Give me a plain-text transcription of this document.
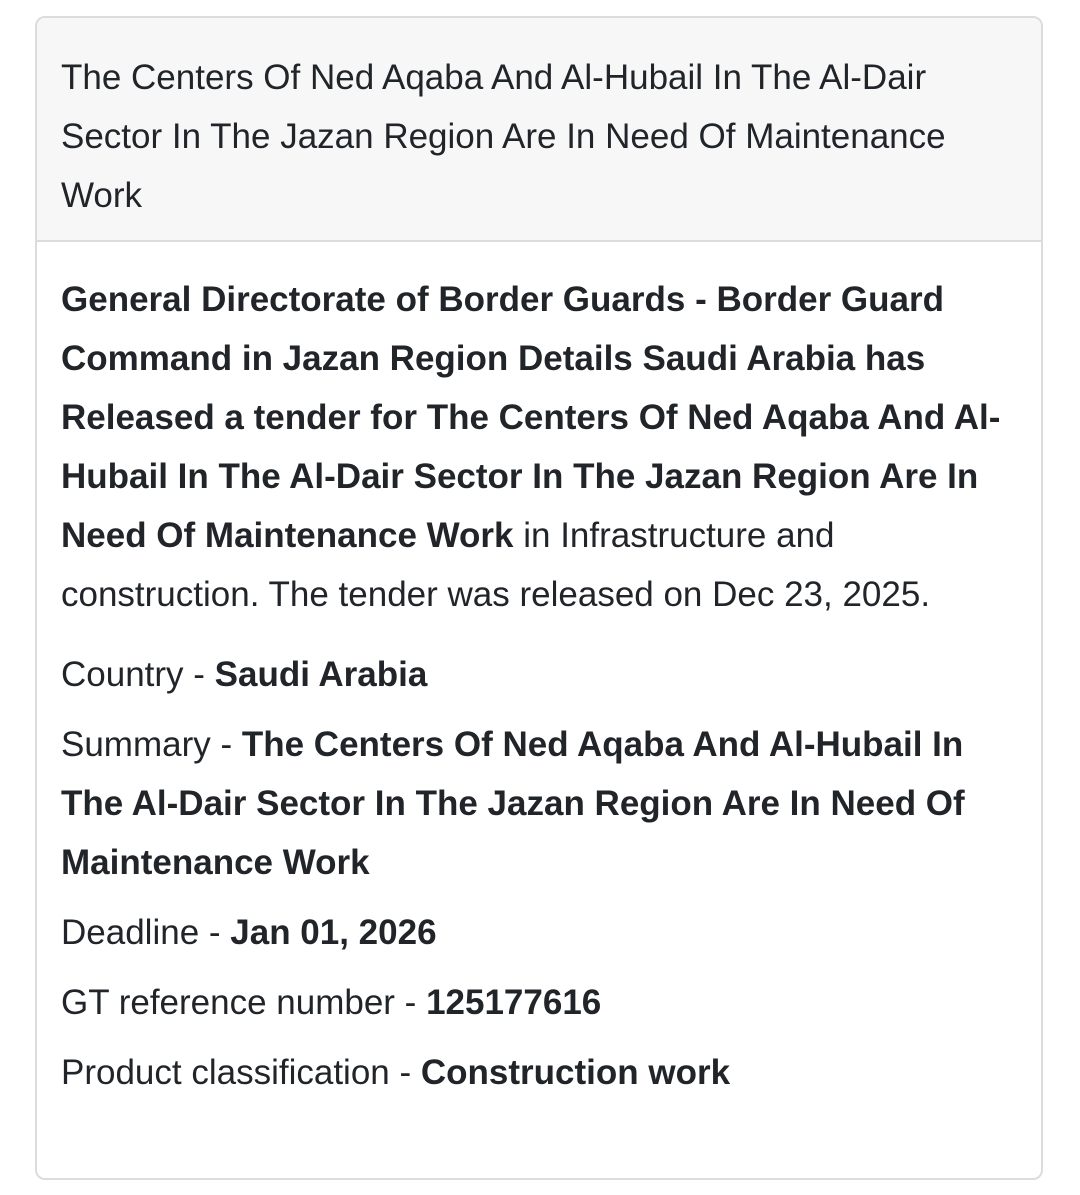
The Centers Of Ned Aqaba And Al-Hubail In The Al-Dair Sector In The Jazan Region Are In Need Of Maintenance Work

General Directorate of Border Guards - Border Guard Command in Jazan Region Details Saudi Arabia has Released a tender for The Centers Of Ned Aqaba And Al-Hubail In The Al-Dair Sector In The Jazan Region Are In Need Of Maintenance Work in Infrastructure and construction. The tender was released on Dec 23, 2025.

Country - Saudi Arabia
Summary - The Centers Of Ned Aqaba And Al-Hubail In The Al-Dair Sector In The Jazan Region Are In Need Of Maintenance Work
Deadline - Jan 01, 2026
GT reference number - 125177616
Product classification - Construction work
